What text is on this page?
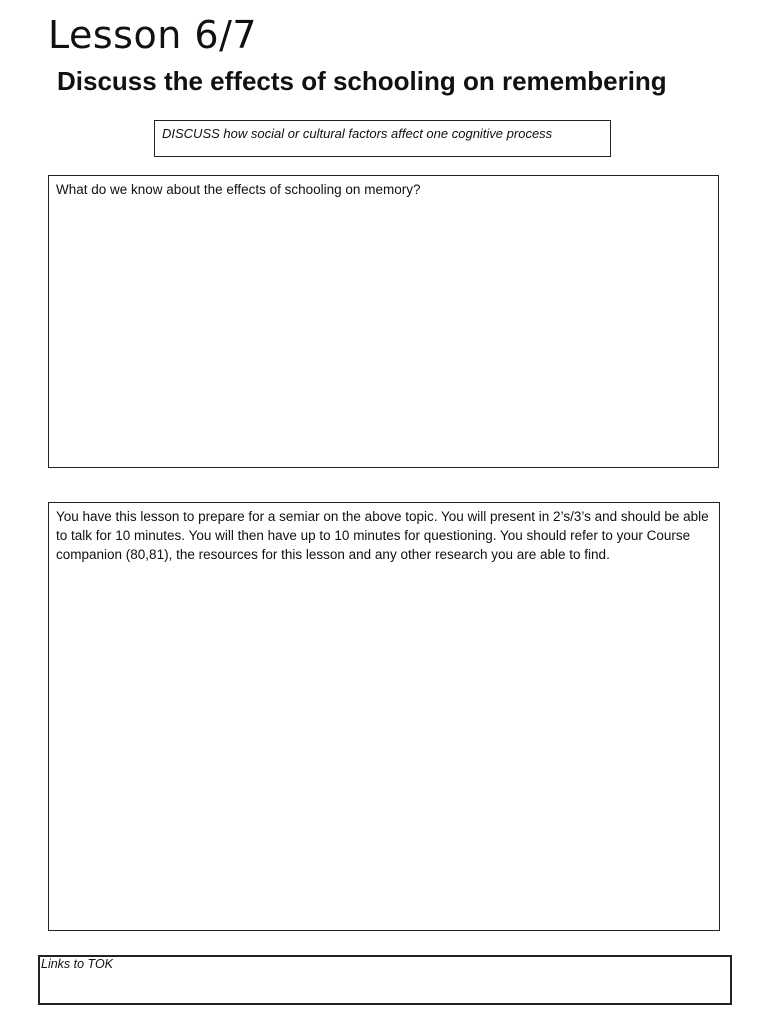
Lesson 6/7
Discuss the effects of schooling on remembering
DISCUSS how social or cultural factors affect one cognitive process
What do we know about the effects of schooling on memory?
You have this lesson to prepare for a semiar on the above topic. You will present in 2’s/3’s and should be able to talk for 10 minutes. You will then have up to 10 minutes for questioning. You should refer to your Course companion (80,81), the resources for this lesson and any other research you are able to find.
Links to TOK
